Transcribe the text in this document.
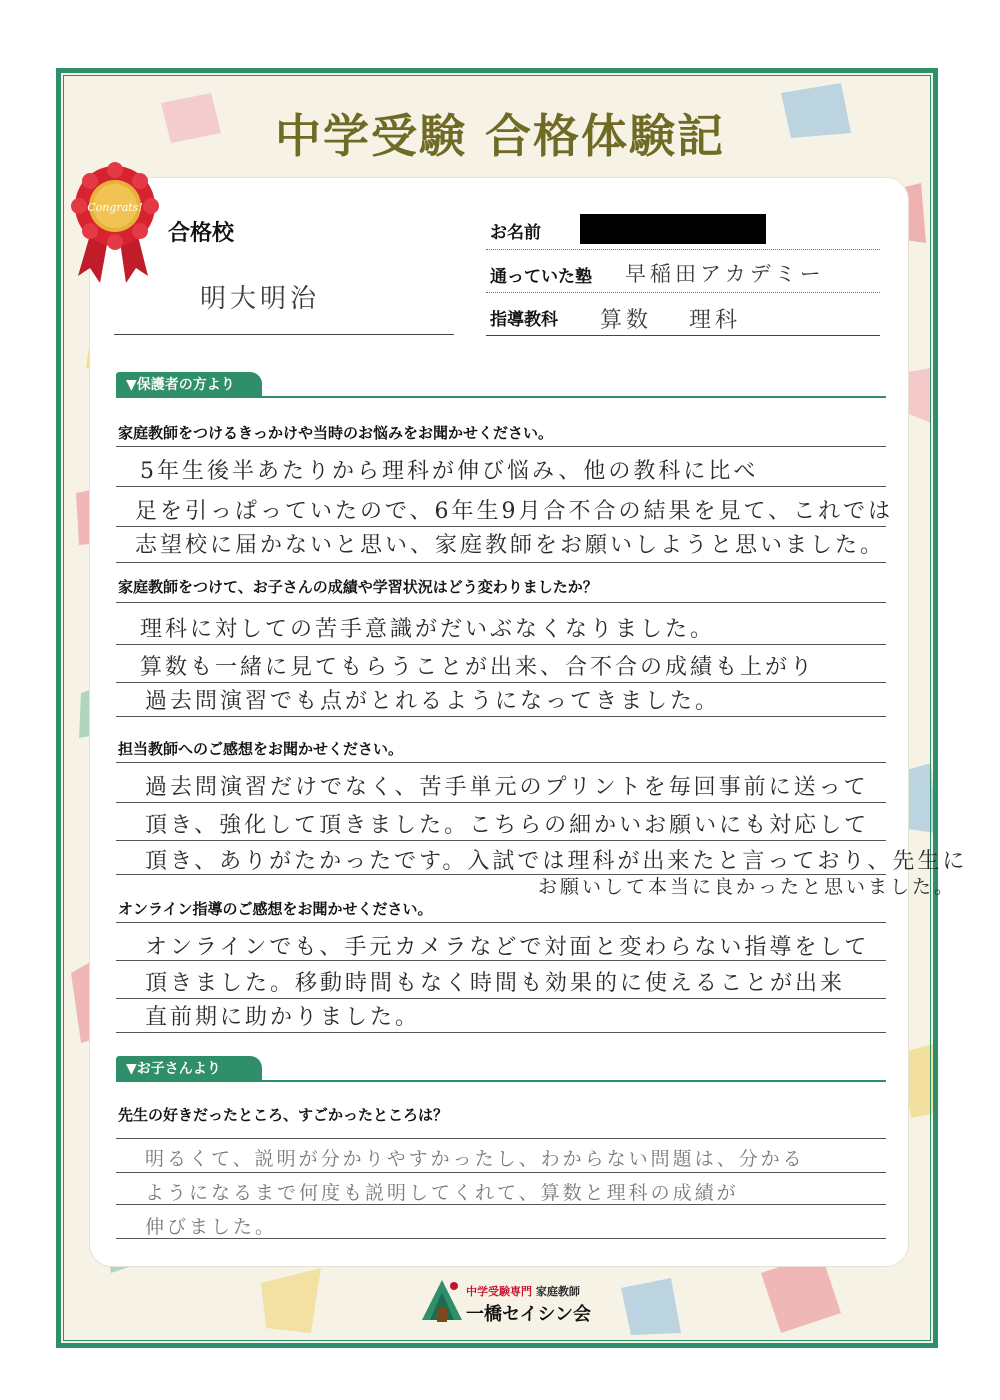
中学受験 合格体験記
Congrats!
合格校
明大明治
お名前
通っていた塾 早稲田アカデミー
指導教科 算数 理科
▼保護者の方より
家庭教師をつけるきっかけや当時のお悩みをお聞かせください。
5年生後半あたりから理科が伸び悩み、他の教科に比べ
足を引っぱっていたので、6年生9月合不合の結果を見て、これでは
志望校に届かないと思い、家庭教師をお願いしようと思いました。
家庭教師をつけて、お子さんの成績や学習状況はどう変わりましたか？
理科に対しての苦手意識がだいぶなくなりました。
算数も一緒に見てもらうことが出来、合不合の成績も上がり
過去問演習でも点がとれるようになってきました。
担当教師へのご感想をお聞かせください。
過去問演習だけでなく、苦手単元のプリントを毎回事前に送って
頂き、強化して頂きました。こちらの細かいお願いにも対応して
頂き、ありがたかったです。入試では理科が出来たと言っており、先生に
お願いして本当に良かったと思いました。
オンライン指導のご感想をお聞かせください。
オンラインでも、手元カメラなどで対面と変わらない指導をして
頂きました。移動時間もなく時間も効果的に使えることが出来
直前期に助かりました。
▼お子さんより
先生の好きだったところ、すごかったところは？
明るくて、説明が分かりやすかったし、わからない問題は、分かる
ようになるまで何度も説明してくれて、算数と理科の成績が
伸びました。
中学受験専門 家庭教師
一橋セイシン会
